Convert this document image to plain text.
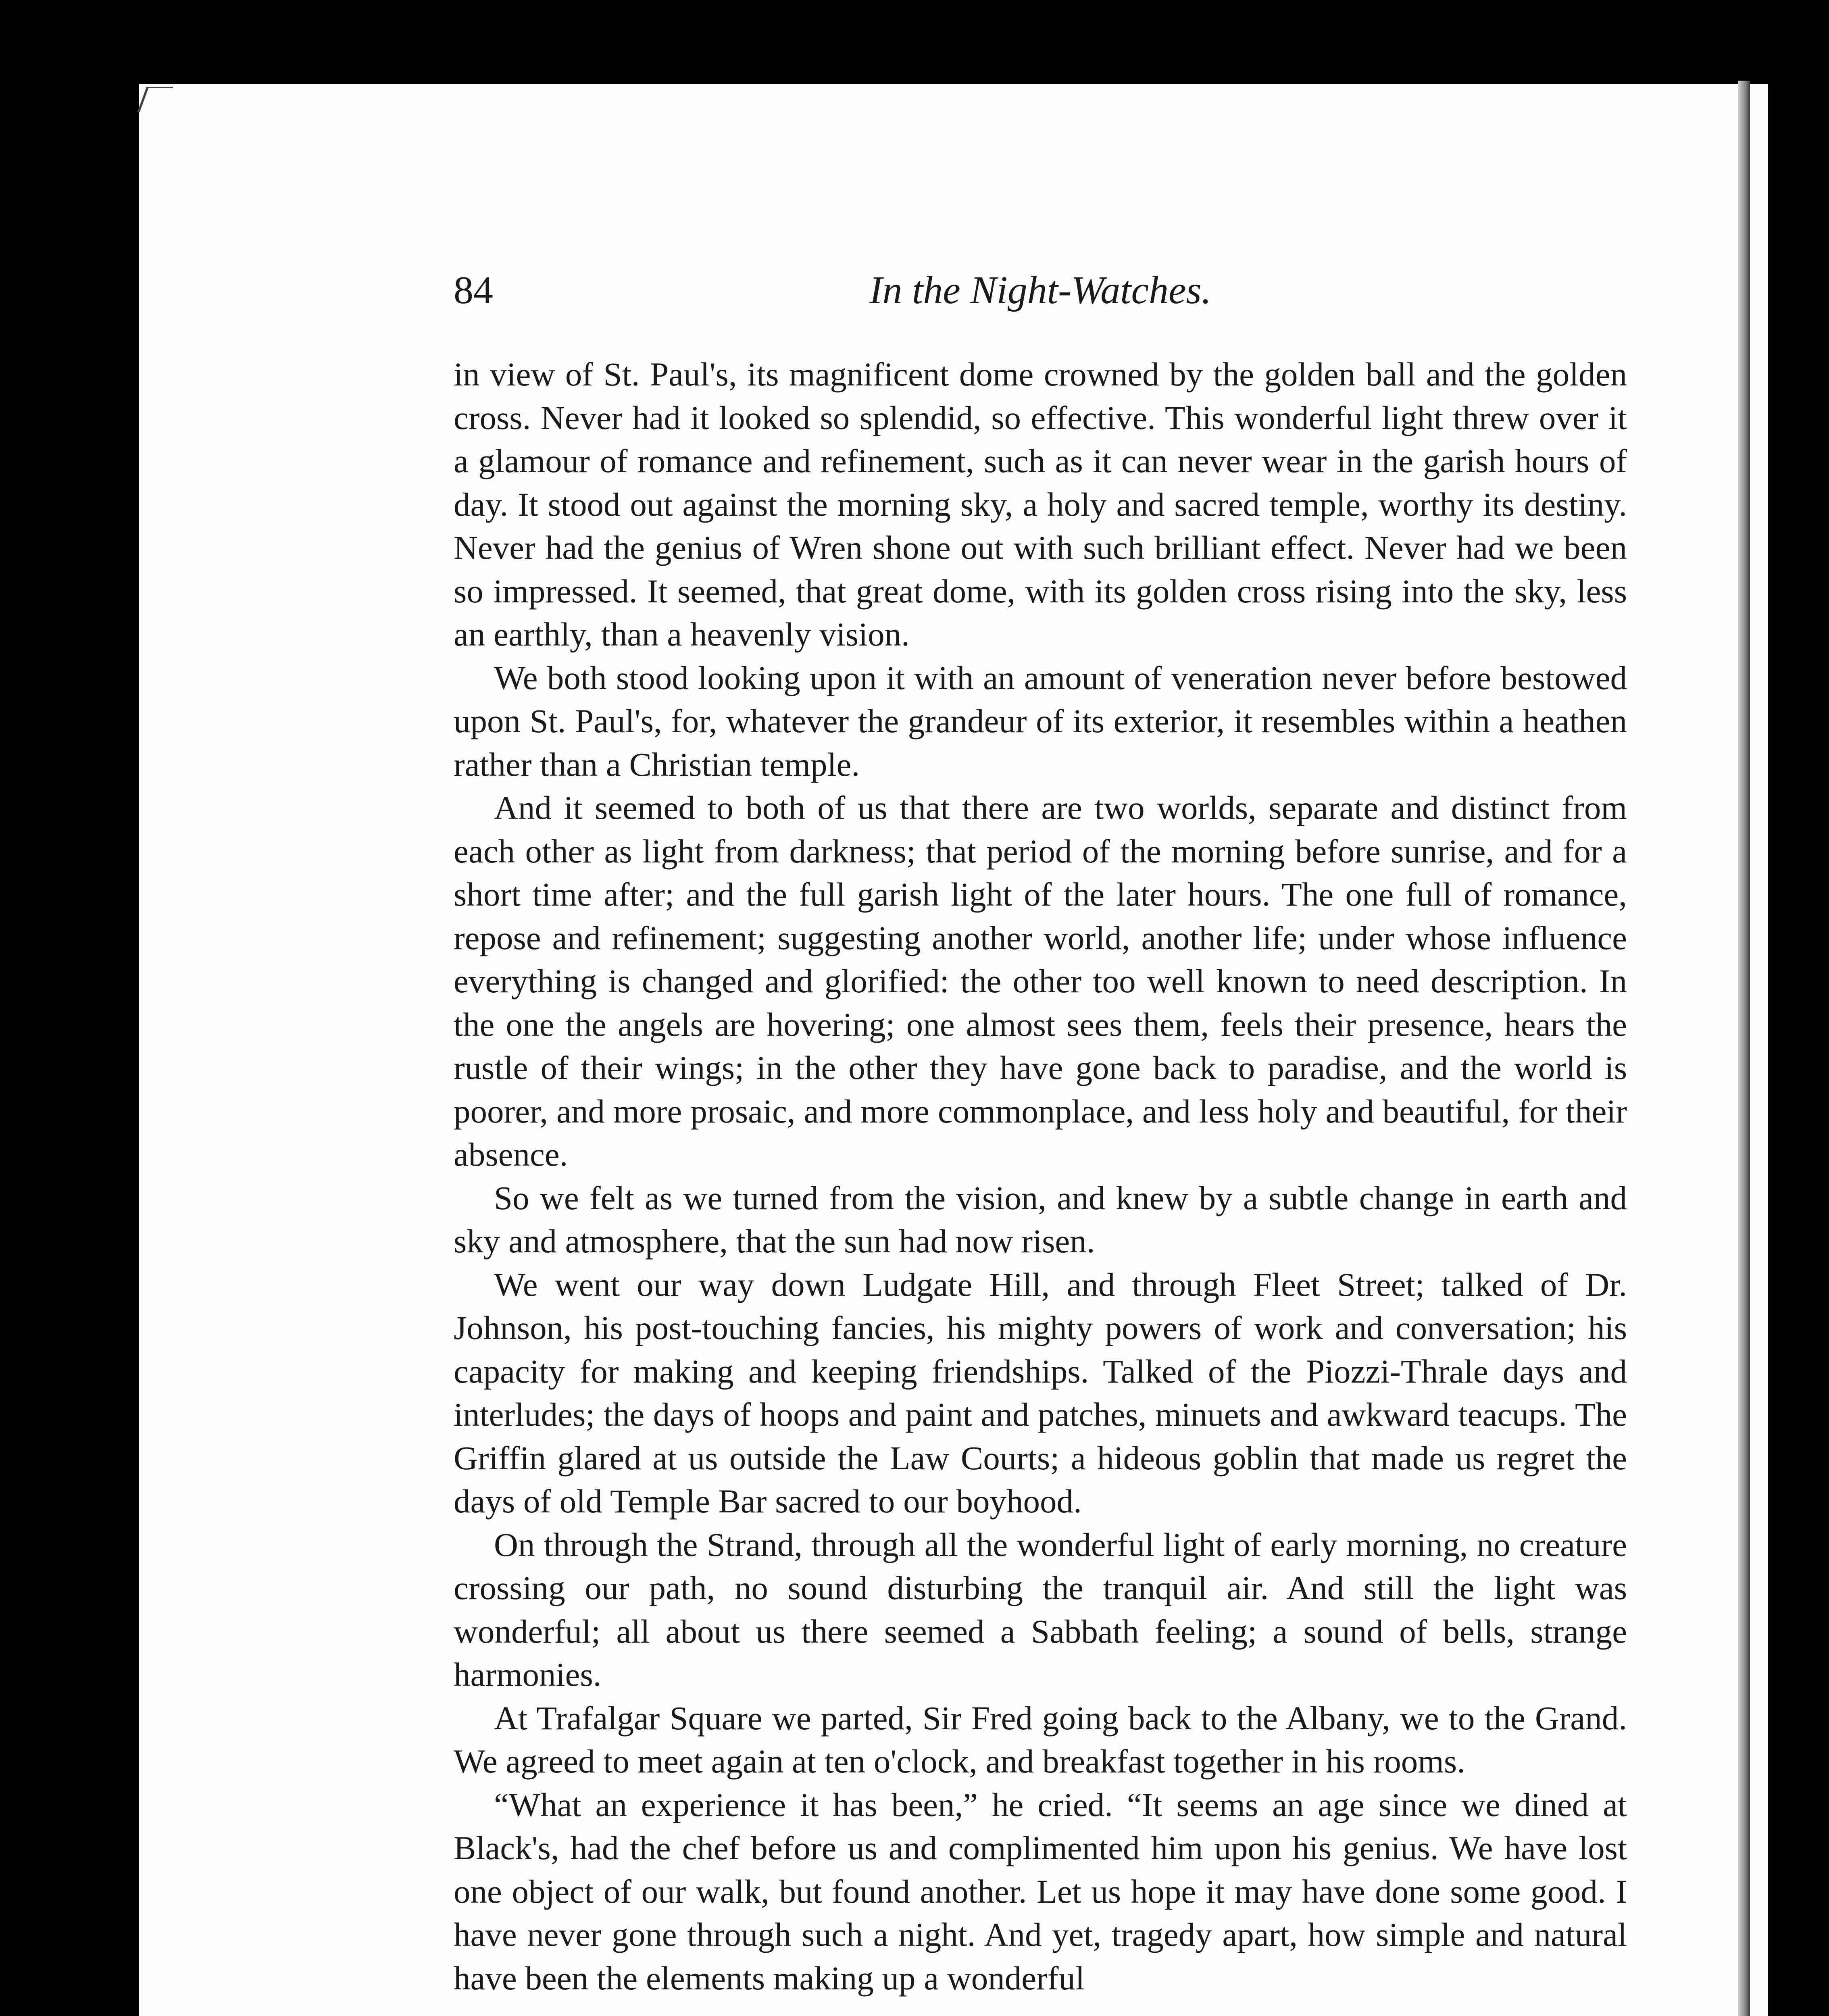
84	In the Night-Watches.

in view of St. Paul's, its magnificent dome crowned by the golden ball and the golden cross. Never had it looked so splendid, so effective. This wonderful light threw over it a glamour of romance and refinement, such as it can never wear in the garish hours of day. It stood out against the morning sky, a holy and sacred temple, worthy its destiny. Never had the genius of Wren shone out with such brilliant effect. Never had we been so impressed. It seemed, that great dome, with its golden cross rising into the sky, less an earthly, than a heavenly vision.

We both stood looking upon it with an amount of veneration never before bestowed upon St. Paul's, for, whatever the grandeur of its exterior, it resembles within a heathen rather than a Christian temple.

And it seemed to both of us that there are two worlds, separate and distinct from each other as light from darkness; that period of the morning before sunrise, and for a short time after; and the full garish light of the later hours. The one full of romance, repose and refinement; suggesting another world, another life; under whose influence everything is changed and glorified: the other too well known to need description. In the one the angels are hovering; one almost sees them, feels their presence, hears the rustle of their wings; in the other they have gone back to paradise, and the world is poorer, and more prosaic, and more commonplace, and less holy and beautiful, for their absence.

So we felt as we turned from the vision, and knew by a subtle change in earth and sky and atmosphere, that the sun had now risen.

We went our way down Ludgate Hill, and through Fleet Street; talked of Dr. Johnson, his post-touching fancies, his mighty powers of work and conversation; his capacity for making and keeping friendships. Talked of the Piozzi-Thrale days and interludes; the days of hoops and paint and patches, minuets and awkward teacups. The Griffin glared at us outside the Law Courts; a hideous goblin that made us regret the days of old Temple Bar sacred to our boyhood.

On through the Strand, through all the wonderful light of early morning, no creature crossing our path, no sound disturbing the tranquil air. And still the light was wonderful; all about us there seemed a Sabbath feeling; a sound of bells, strange harmonies.

At Trafalgar Square we parted, Sir Fred going back to the Albany, we to the Grand. We agreed to meet again at ten o'clock, and breakfast together in his rooms.

“What an experience it has been,” he cried. “It seems an age since we dined at Black's, had the chef before us and complimented him upon his genius. We have lost one object of our walk, but found another. Let us hope it may have done some good. I have never gone through such a night. And yet, tragedy apart, how simple and natural have been the elements making up a wonderful
